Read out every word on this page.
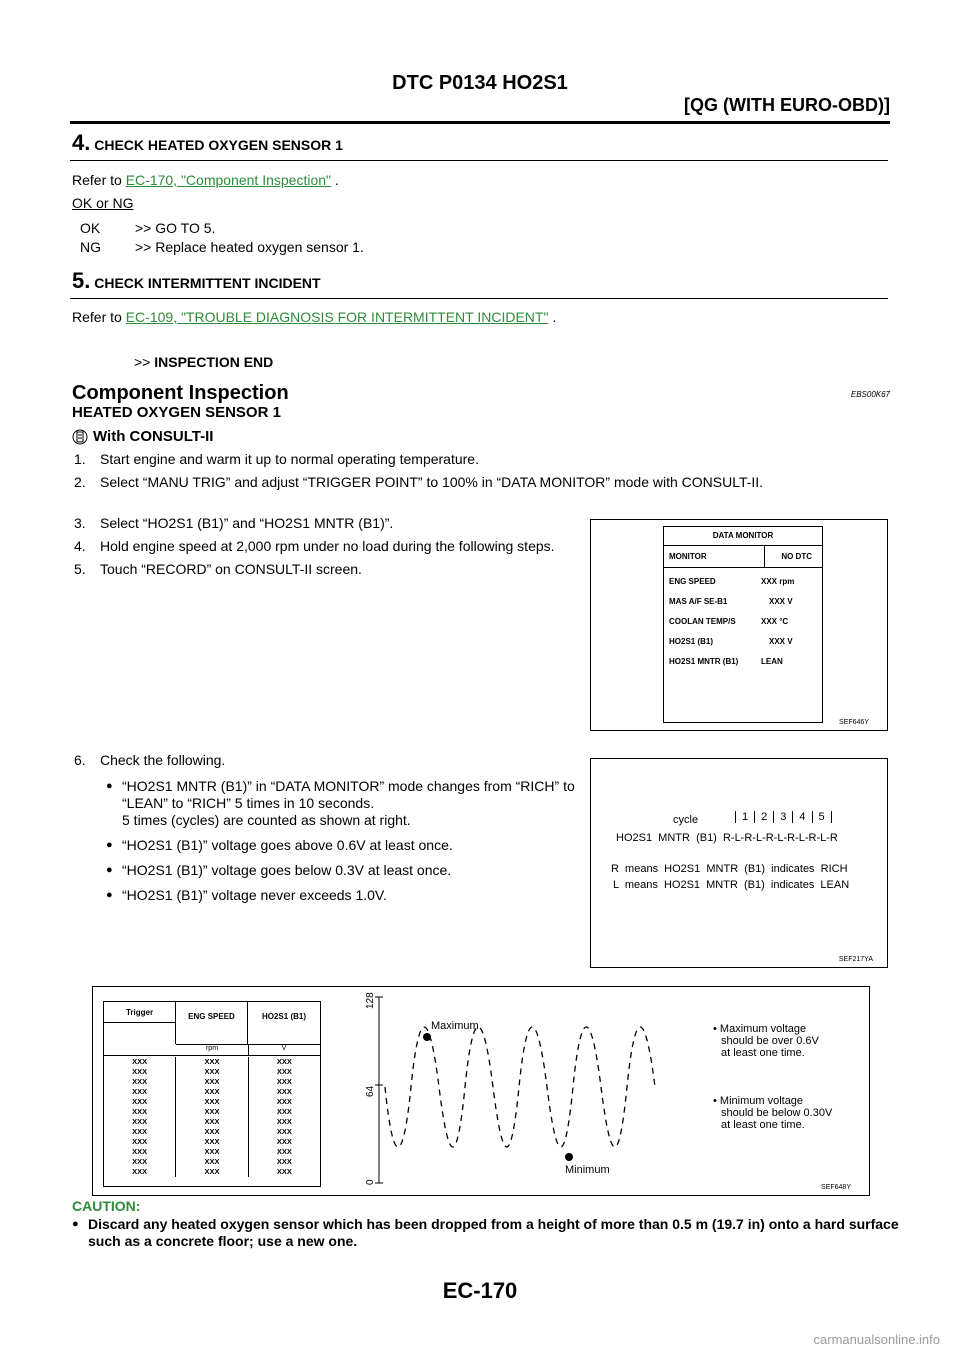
DTC P0134 HO2S1
[QG (WITH EURO-OBD)]
4. CHECK HEATED OXYGEN SENSOR 1
Refer to EC-170, "Component Inspection" .
OK or NG
OK	>> GO TO 5.
NG	>> Replace heated oxygen sensor 1.
5. CHECK INTERMITTENT INCIDENT
Refer to EC-109, "TROUBLE DIAGNOSIS FOR INTERMITTENT INCIDENT" .
>> INSPECTION END
Component Inspection	EBS00K67
HEATED OXYGEN SENSOR 1
With CONSULT-II
1. Start engine and warm it up to normal operating temperature.
2. Select “MANU TRIG” and adjust “TRIGGER POINT” to 100% in “DATA MONITOR” mode with CONSULT-II.
3. Select “HO2S1 (B1)” and “HO2S1 MNTR (B1)”.
4. Hold engine speed at 2,000 rpm under no load during the following steps.
5. Touch “RECORD” on CONSULT-II screen.
DATA MONITOR
MONITOR	NO DTC
ENG SPEED	XXX rpm
MAS A/F SE-B1	XXX V
COOLAN TEMP/S	XXX °C
HO2S1 (B1)	XXX V
HO2S1 MNTR (B1)	LEAN
SEF646Y
6. Check the following.
● “HO2S1 MNTR (B1)” in “DATA MONITOR” mode changes from “RICH” to “LEAN” to “RICH” 5 times in 10 seconds.
5 times (cycles) are counted as shown at right.
● “HO2S1 (B1)” voltage goes above 0.6V at least once.
● “HO2S1 (B1)” voltage goes below 0.3V at least once.
● “HO2S1 (B1)” voltage never exceeds 1.0V.
cycle	1	2	3	4	5
HO2S1  MNTR  (B1)  R-L-R-L-R-L-R-L-R-L-R
R  means  HO2S1  MNTR  (B1)  indicates  RICH
L  means  HO2S1  MNTR  (B1)  indicates  LEAN
SEF217YA
Trigger	ENG SPEED	HO2S1 (B1)
rpm	V
XXX	XXX	XXX
XXX	XXX	XXX
XXX	XXX	XXX
XXX	XXX	XXX
XXX	XXX	XXX
XXX	XXX	XXX
XXX	XXX	XXX
XXX	XXX	XXX
XXX	XXX	XXX
XXX	XXX	XXX
XXX	XXX	XXX
XXX	XXX	XXX
128
64
0
Maximum
Minimum
• Maximum voltage
should be over 0.6V
at least one time.
• Minimum voltage
should be below 0.30V
at least one time.
SEF648Y
CAUTION:
● Discard any heated oxygen sensor which has been dropped from a height of more than 0.5 m (19.7 in) onto a hard surface such as a concrete floor; use a new one.
EC-170
carmanualsonline.info
